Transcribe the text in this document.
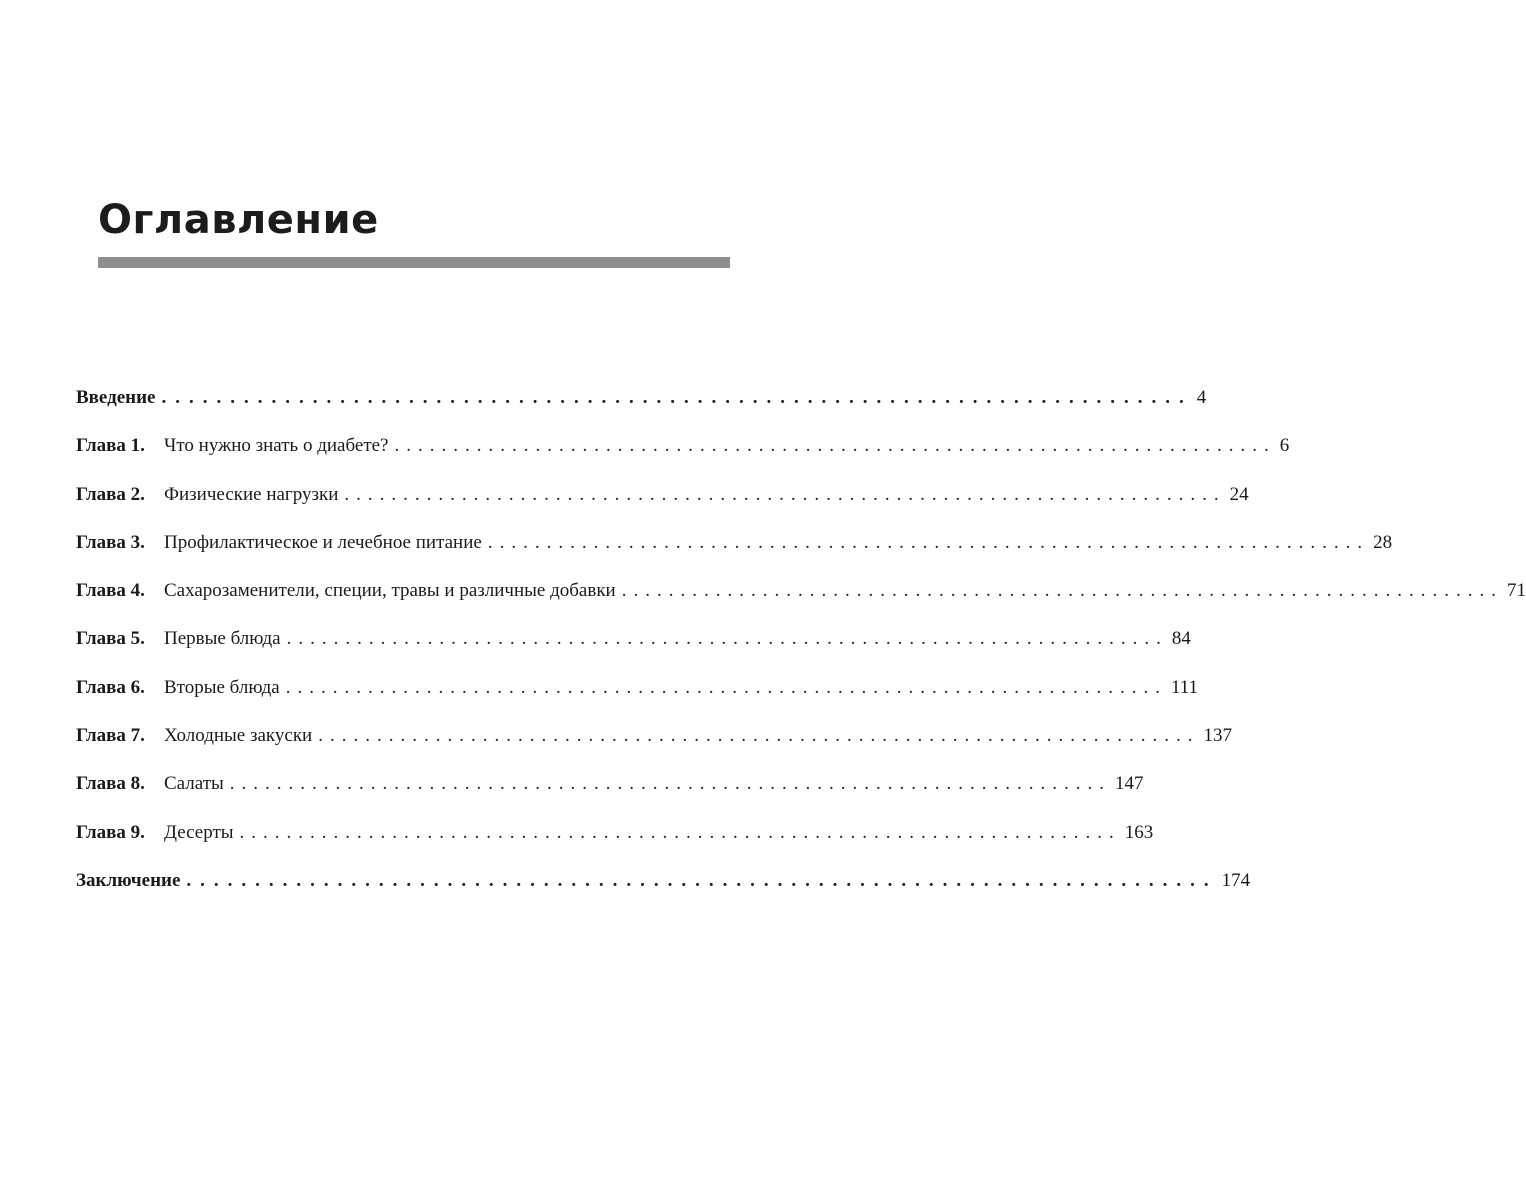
Оглавление
Введение ........................................................................... 4
Глава 1.	Что нужно знать о диабете? ........................................................................... 6
Глава 2.	Физические нагрузки ........................................................................... 24
Глава 3.	Профилактическое и лечебное питание ........................................................................... 28
Глава 4.	Сахарозаменители, специи, травы и различные добавки ........................................................................... 71
Глава 5.	Первые блюда ........................................................................... 84
Глава 6.	Вторые блюда ........................................................................... 111
Глава 7.	Холодные закуски ........................................................................... 137
Глава 8.	Салаты ........................................................................... 147
Глава 9.	Десерты ........................................................................... 163
Заключение ........................................................................... 174
